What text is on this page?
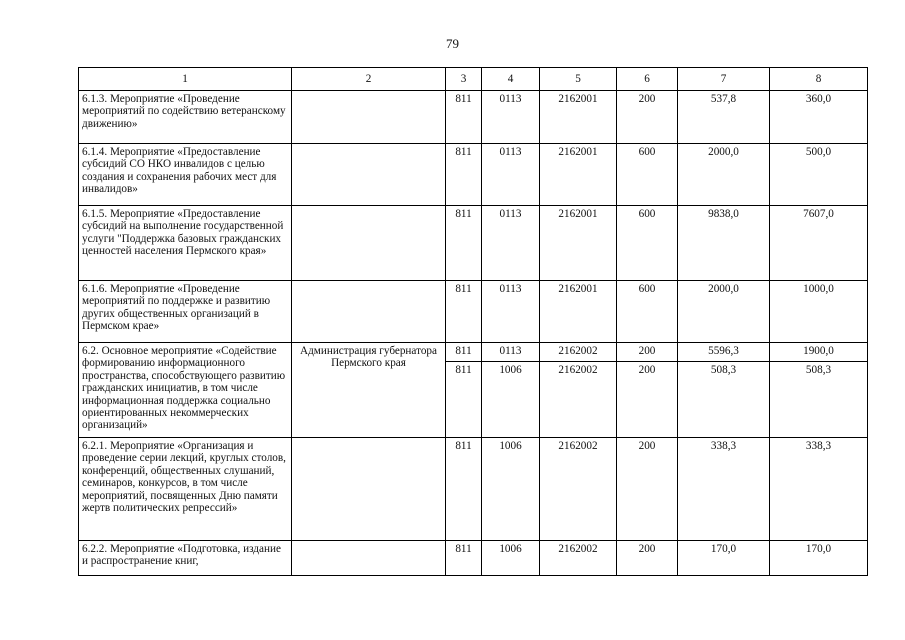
79
1	2	3	4	5	6	7	8
6.1.3. Мероприятие «Проведение мероприятий по содействию ветеранскому движению»		811	0113	2162001	200	537,8	360,0
6.1.4. Мероприятие «Предоставление субсидий СО НКО инвалидов с целью создания и сохранения рабочих мест для инвалидов»		811	0113	2162001	600	2000,0	500,0
6.1.5. Мероприятие «Предоставление субсидий на выполнение государственной услуги "Поддержка базовых гражданских ценностей населения Пермского края»		811	0113	2162001	600	9838,0	7607,0
6.1.6. Мероприятие «Проведение мероприятий по поддержке и развитию других общественных организаций в Пермском крае»		811	0113	2162001	600	2000,0	1000,0
6.2. Основное мероприятие «Содействие формированию информационного пространства, способствующего развитию гражданских инициатив, в том числе информационная поддержка социально ориентированных некоммерческих организаций»	Администрация губернатора Пермского края	811	0113	2162002	200	5596,3	1900,0
		811	1006	2162002	200	508,3	508,3
6.2.1. Мероприятие «Организация и проведение серии лекций, круглых столов, конференций, общественных слушаний, семинаров, конкурсов, в том числе мероприятий, посвященных Дню памяти жертв политических репрессий»		811	1006	2162002	200	338,3	338,3
6.2.2. Мероприятие «Подготовка, издание и распространение книг,		811	1006	2162002	200	170,0	170,0
